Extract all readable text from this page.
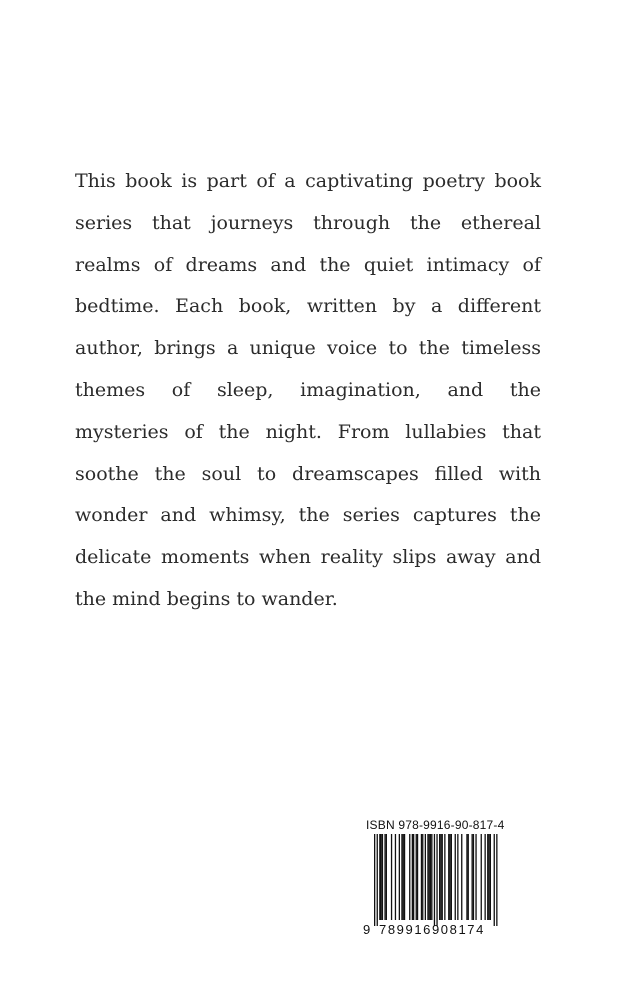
This book is part of a captivating poetry book
series that journeys through the ethereal
realms of dreams and the quiet intimacy of
bedtime. Each book, written by a different
author, brings a unique voice to the timeless
themes of sleep, imagination, and the
mysteries of the night. From lullabies that
soothe the soul to dreamscapes filled with
wonder and whimsy, the series captures the
delicate moments when reality slips away and
the mind begins to wander.
ISBN 978-9916-90-817-4
9 789916908174
